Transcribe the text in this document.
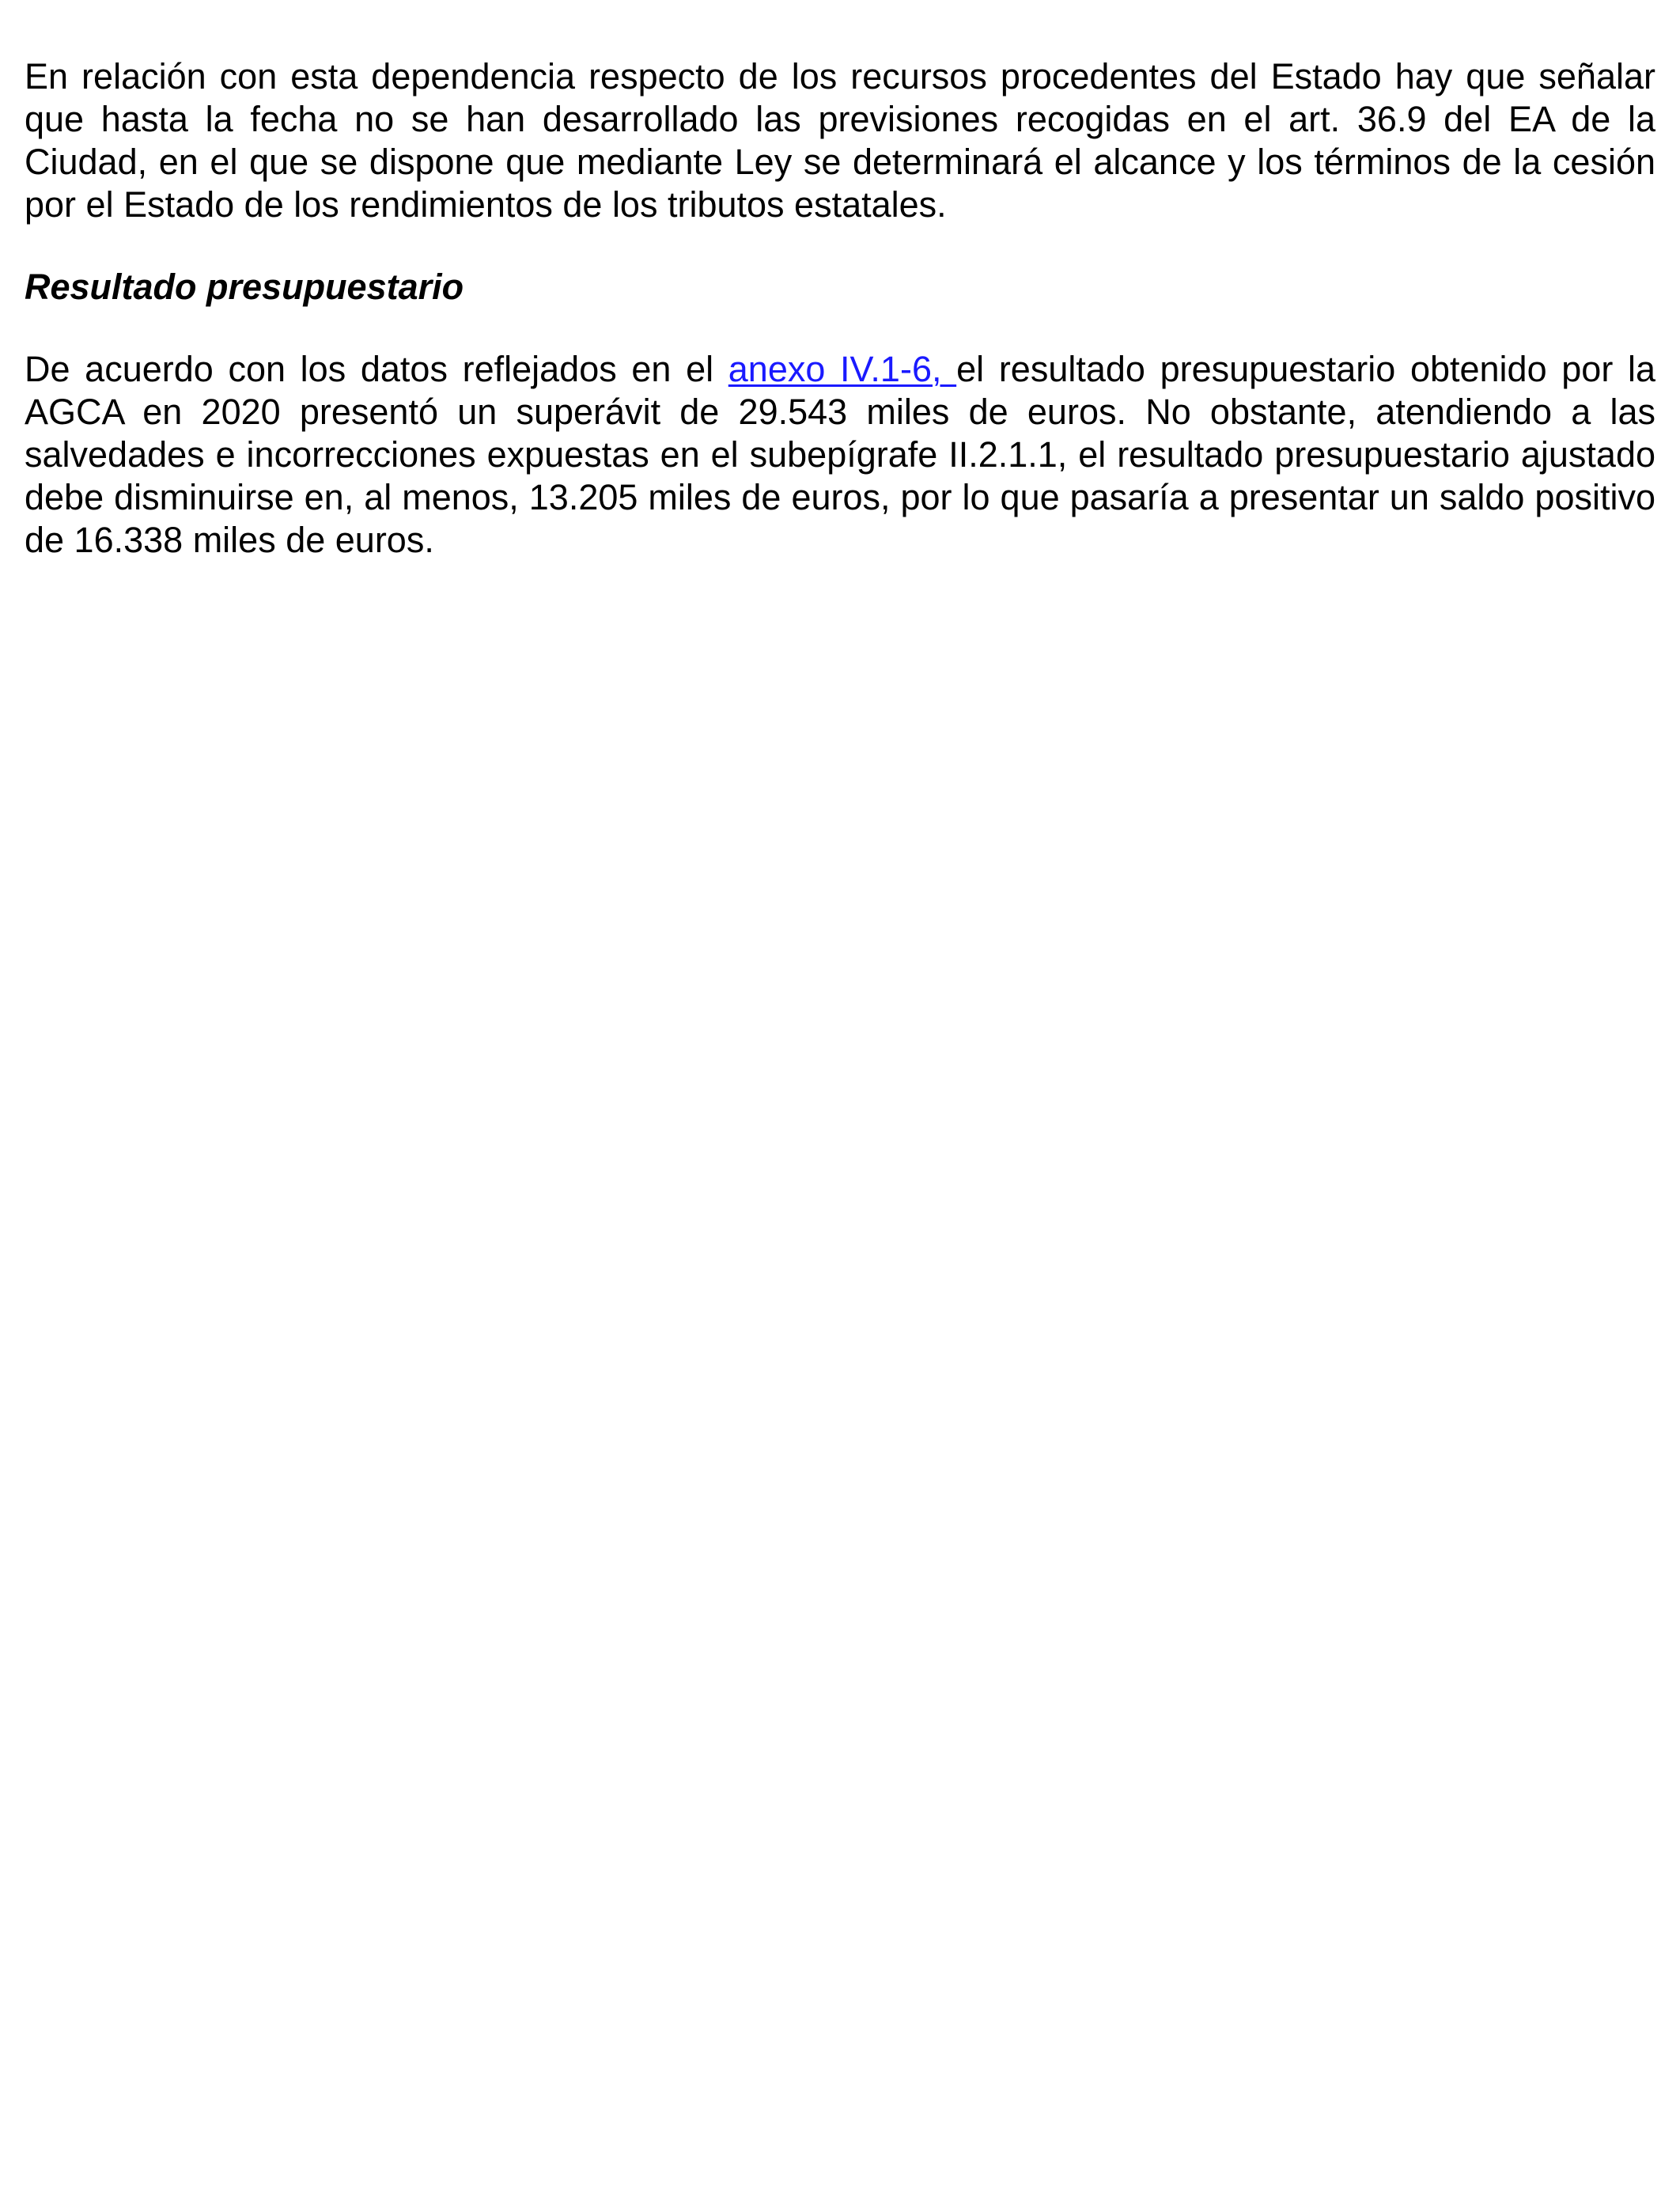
En relación con esta dependencia respecto de los recursos procedentes del Estado hay que señalar que hasta la fecha no se han desarrollado las previsiones recogidas en el art. 36.9 del EA de la Ciudad, en el que se dispone que mediante Ley se determinará el alcance y los términos de la cesión por el Estado de los rendimientos de los tributos estatales.

Resultado presupuestario

De acuerdo con los datos reflejados en el anexo IV.1-6, el resultado presupuestario obtenido por la AGCA en 2020 presentó un superávit de 29.543 miles de euros. No obstante, atendiendo a las salvedades e incorrecciones expuestas en el subepígrafe II.2.1.1, el resultado presupuestario ajustado debe disminuirse en, al menos, 13.205 miles de euros, por lo que pasaría a presentar un saldo positivo de 16.338 miles de euros.
